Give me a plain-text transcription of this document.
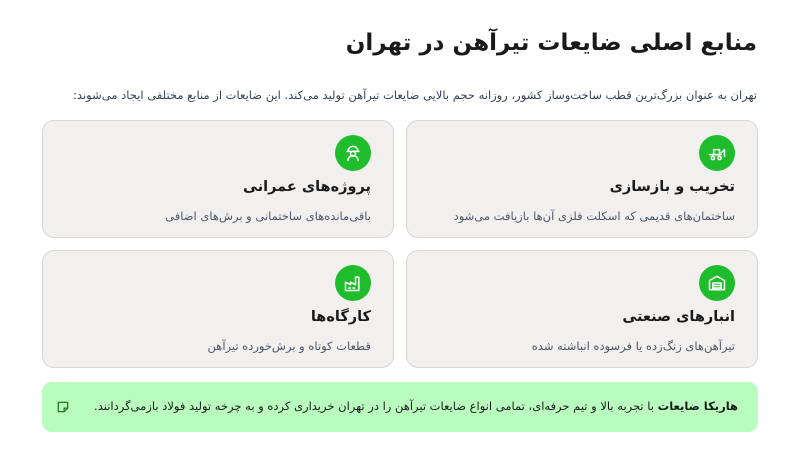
منابع اصلی ضایعات تیرآهن در تهران
تهران به عنوان بزرگ‌ترین قطب ساخت‌وساز کشور، روزانه حجم بالایی ضایعات تیرآهن تولید می‌کند. این ضایعات از منابع مختلفی ایجاد می‌شوند:
تخریب و بازسازی
ساختمان‌های قدیمی که اسکلت فلزی آن‌ها بازیافت می‌شود
پروژه‌های عمرانی
باقی‌مانده‌های ساختمانی و برش‌های اضافی
انبارهای صنعتی
تیرآهن‌های زنگ‌زده یا فرسوده انباشته شده
کارگاه‌ها
قطعات کوتاه و برش‌خورده تیرآهن
هاریکا ضایعات با تجربه بالا و تیم حرفه‌ای، تمامی انواع ضایعات تیرآهن را در تهران خریداری کرده و به چرخه تولید فولاد بازمی‌گردانند.
